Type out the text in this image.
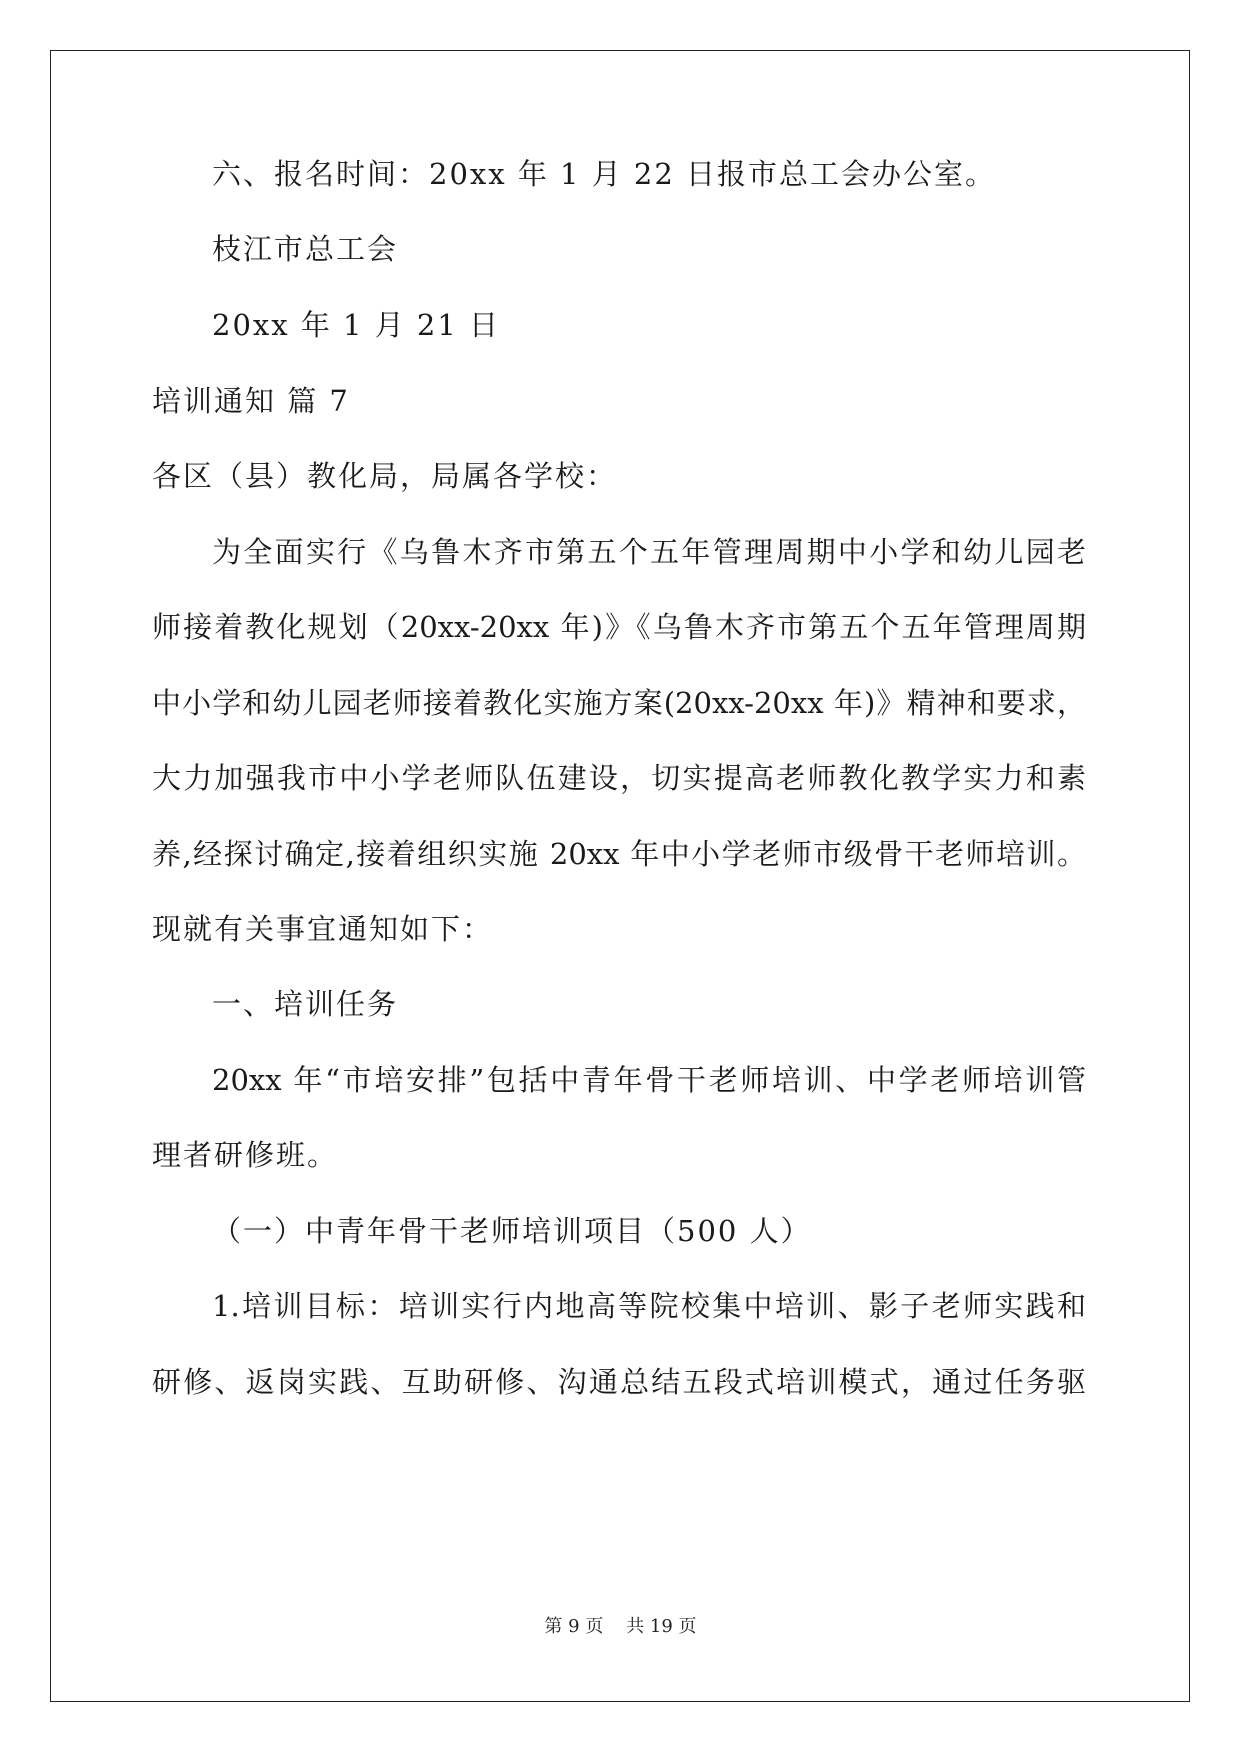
六、报名时间：20xx 年 1 月 22 日报市总工会办公室。
枝江市总工会
20xx 年 1 月 21 日
培训通知 篇 7
各区（县）教化局，局属各学校：
为全面实行《乌鲁木齐市第五个五年管理周期中小学和幼儿园老
师接着教化规划（20xx-20xx 年)》《乌鲁木齐市第五个五年管理周期
中小学和幼儿园老师接着教化实施方案(20xx-20xx 年)》精神和要求，
大力加强我市中小学老师队伍建设，切实提高老师教化教学实力和素
养,经探讨确定,接着组织实施 20xx 年中小学老师市级骨干老师培训。
现就有关事宜通知如下：
一、培训任务
20xx 年“市培安排”包括中青年骨干老师培训、中学老师培训管
理者研修班。
（一）中青年骨干老师培训项目（500 人）
1.培训目标：培训实行内地高等院校集中培训、影子老师实践和
研修、返岗实践、互助研修、沟通总结五段式培训模式，通过任务驱
第 9 页    共 19 页
